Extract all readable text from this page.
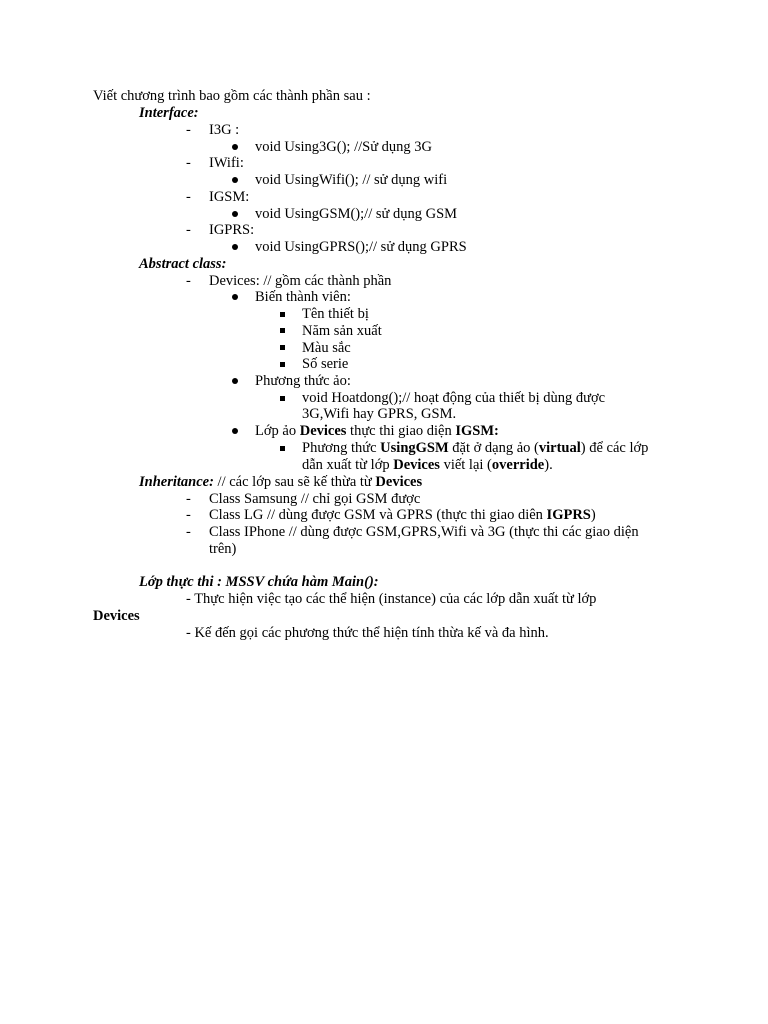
Viết chương trình bao gồm các thành phần sau :
Interface:
- I3G :
void Using3G(); //Sử dụng 3G
- IWifi:
void UsingWifi(); // sử dụng wifi
- IGSM:
void UsingGSM();// sử dụng GSM
- IGPRS:
void UsingGPRS();// sử dụng GPRS
Abstract class:
- Devices: // gồm các thành phần
Biến thành viên:
Tên thiết bị
Năm sản xuất
Màu sắc
Số serie
Phương thức ảo:
void Hoatdong();// hoạt động của thiết bị dùng được
3G,Wifi hay GPRS, GSM.
Lớp ảo Devices thực thi giao diện IGSM:
Phương thức UsingGSM đặt ở dạng ảo (virtual) để các lớp
dẫn xuất từ lớp Devices viết lại (override).
Inheritance: // các lớp sau sẽ kế thừa từ Devices
- Class Samsung // chỉ gọi GSM được
- Class LG // dùng được GSM và GPRS (thực thi giao diên IGPRS)
- Class IPhone // dùng được GSM,GPRS,Wifi và 3G (thực thi các giao diện
trên)
Lớp thực thi : MSSV chứa hàm Main():
- Thực hiện việc tạo các thể hiện (instance) của các lớp dẫn xuất từ lớp
Devices
- Kế đến gọi các phương thức thể hiện tính thừa kế và đa hình.
